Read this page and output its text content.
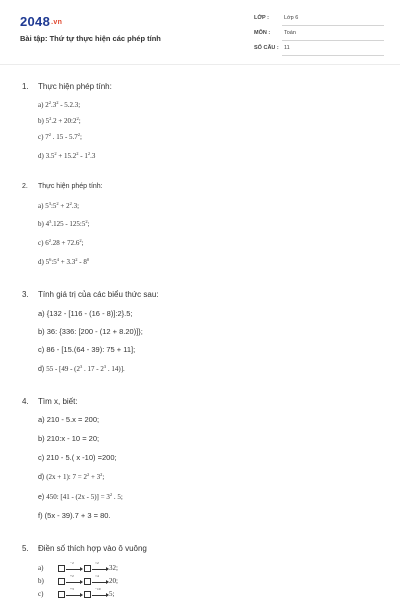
2048.vn
Bài tập: Thứ tự thực hiện các phép tính
LỚP :	Lớp 6
MÔN :	Toán
SỐ CÂU : 11
1. Thực hiện phép tính:
a) $2^2.3^2 - 5.2.3$;
b) $5^2.2$ + $20:2^2$;
c) $7^2$ . $15 - 5.7^2$;
d) $3.5^2 + 15.2^2 - 1^2.3$
2. Thực hiện phép tính:
a) $5^3:5^2 + 2^2.3$;
b) $4^3.125$ - $125:5^2$;
c) $6^2.28 + 72.6^2$;
d) $5^6:5^4 + 3.3^2 - 8^0$
3. Tính giá trị của các biểu thức sau:
a) {132 - [116 - (16 - 8)]:2}.5;
b) 36: {336: [200 - (12 + 8.20)]};
c) 86 - [15.(64 - 39): 75 + 11];
d) $55 - [49 - (2^3$ . $17 - 2^3$ . 14)].
4. Tìm x, biết:
a) 210 - 5.x = 200;
b) 210:x - 10 = 20;
c) 210 - 5.( x -10) =200;
d) (2x + 1): $7 = 2^2 + 3^2$;
e) 450: $[41 - (2x - 5)] = 3^2$ . 5;
f) (5x - 39).7 + 3 = 80.
5. Điền số thích hợp vào ô vuông
a)
−2	×2
32;
b)
+2	×4
20;
c)
+3	−10
5;
